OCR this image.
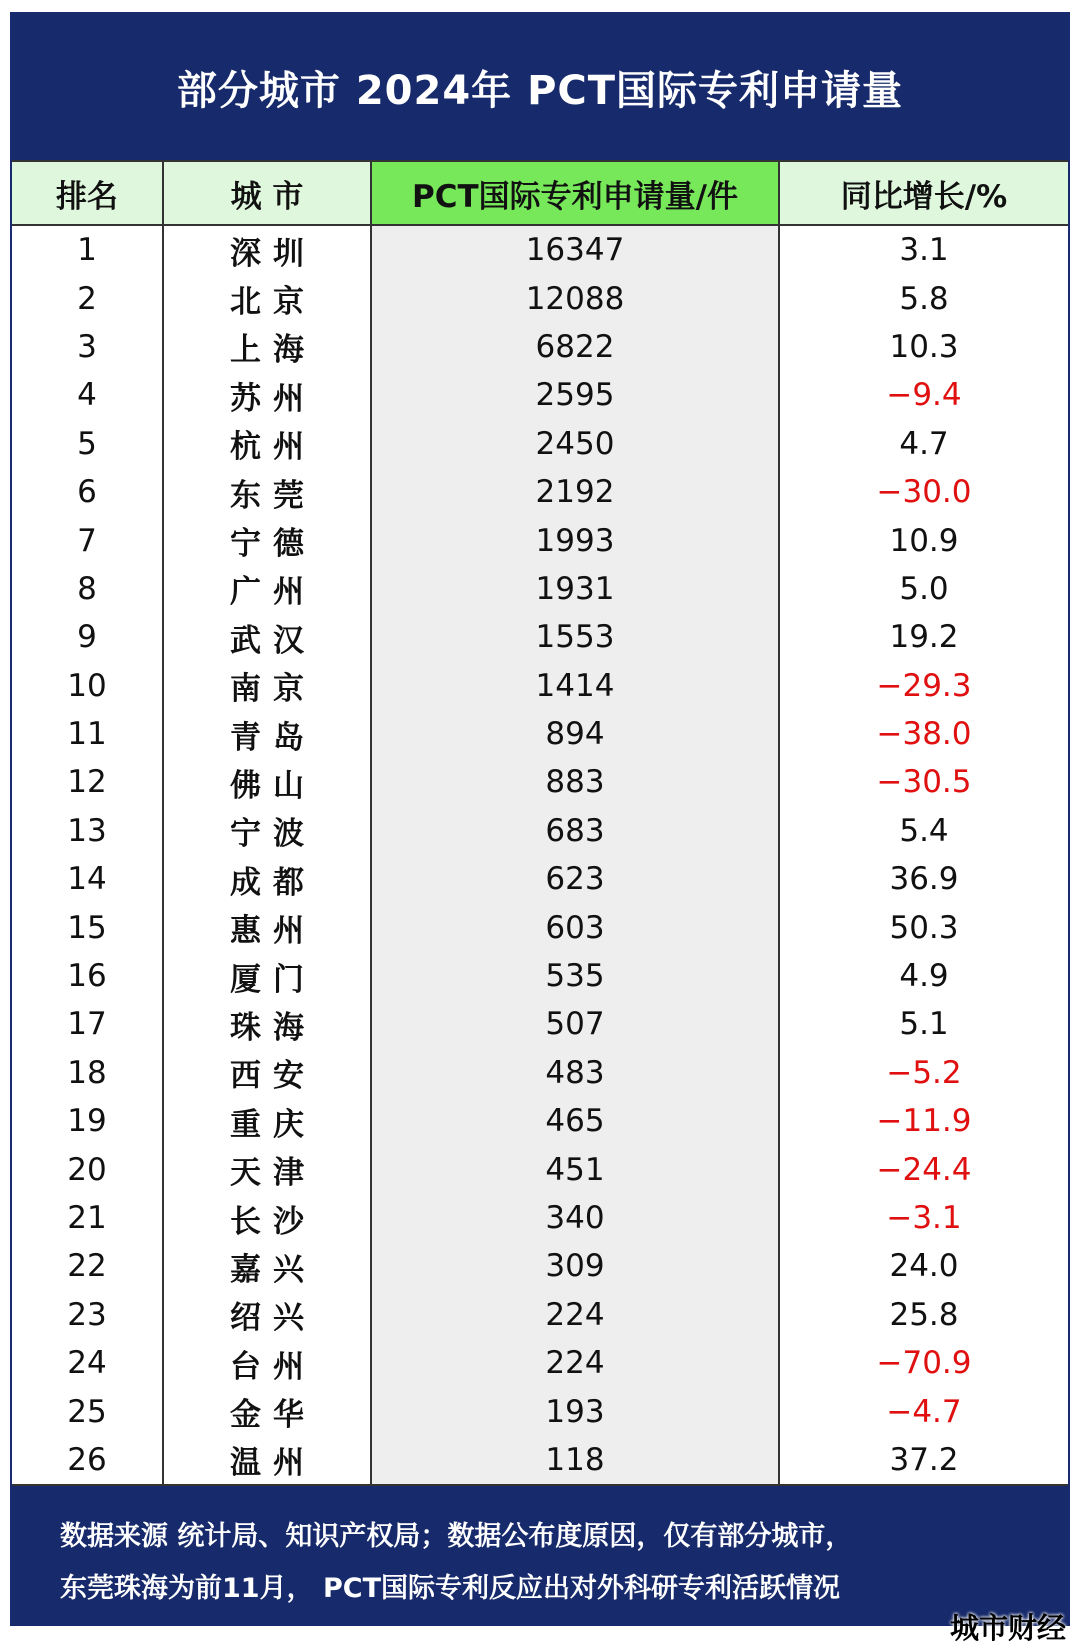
部分城市 2024年 PCT国际专利申请量
排名	城 市	PCT国际专利申请量/件	同比增长/%
1	深圳	16347	3.1
2	北京	12088	5.8
3	上海	6822	10.3
4	苏州	2595	−9.4
5	杭州	2450	4.7
6	东莞	2192	−30.0
7	宁德	1993	10.9
8	广州	1931	5.0
9	武汉	1553	19.2
10	南京	1414	−29.3
11	青岛	894	−38.0
12	佛山	883	−30.5
13	宁波	683	5.4
14	成都	623	36.9
15	惠州	603	50.3
16	厦门	535	4.9
17	珠海	507	5.1
18	西安	483	−5.2
19	重庆	465	−11.9
20	天津	451	−24.4
21	长沙	340	−3.1
22	嘉兴	309	24.0
23	绍兴	224	25.8
24	台州	224	−70.9
25	金华	193	−4.7
26	温州	118	37.2
数据来源 统计局、知识产权局；数据公布度原因，仅有部分城市，
东莞珠海为前11月， PCT国际专利反应出对外科研专利活跃情况
城市财经
